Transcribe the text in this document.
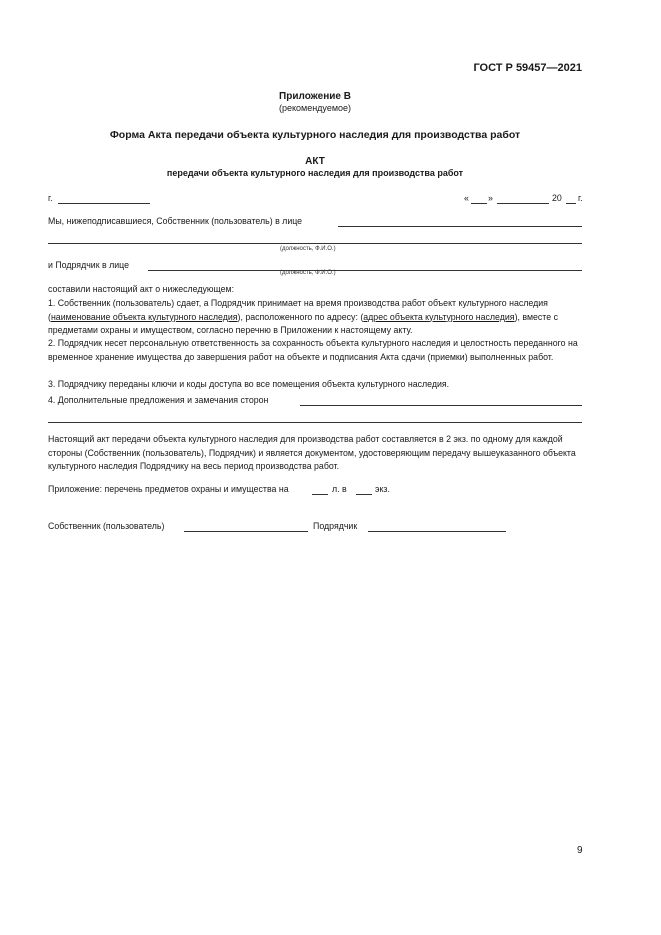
ГОСТ Р 59457—2021
Приложение В
(рекомендуемое)
Форма Акта передачи объекта культурного наследия для производства работ
АКТ
передачи объекта культурного наследия для производства работ
г.	« »	20 г.
Мы, нижеподписавшиеся, Собственник (пользователь) в лице
(должность, Ф.И.О.)
и Подрядчик в лице
(должность, Ф.И.О.)
составили настоящий акт о нижеследующем:

1. Собственник (пользователь) сдает, а Подрядчик принимает на время производства работ объект культурного наследия (наименование объекта культурного наследия), расположенного по адресу: (адрес объекта культурного наследия), вместе с предметами охраны и имуществом, согласно перечню в Приложении к настоящему акту.

2. Подрядчик несет персональную ответственность за сохранность объекта культурного наследия и целостность переданного на временное хранение имущества до завершения работ на объекте и подписания Акта сдачи (приемки) выполненных работ.

3. Подрядчику переданы ключи и коды доступа во все помещения объекта культурного наследия.

4. Дополнительные предложения и замечания сторон

Настоящий акт передачи объекта культурного наследия для производства работ составляется в 2 экз. по одному для каждой стороны (Собственник (пользователь), Подрядчик) и является документом, удостоверяющим передачу вышеуказанного объекта культурного наследия Подрядчику на весь период производства работ.

Приложение: перечень предметов охраны и имущества на	л. в	экз.
Собственник (пользователь)	Подрядчик
9
